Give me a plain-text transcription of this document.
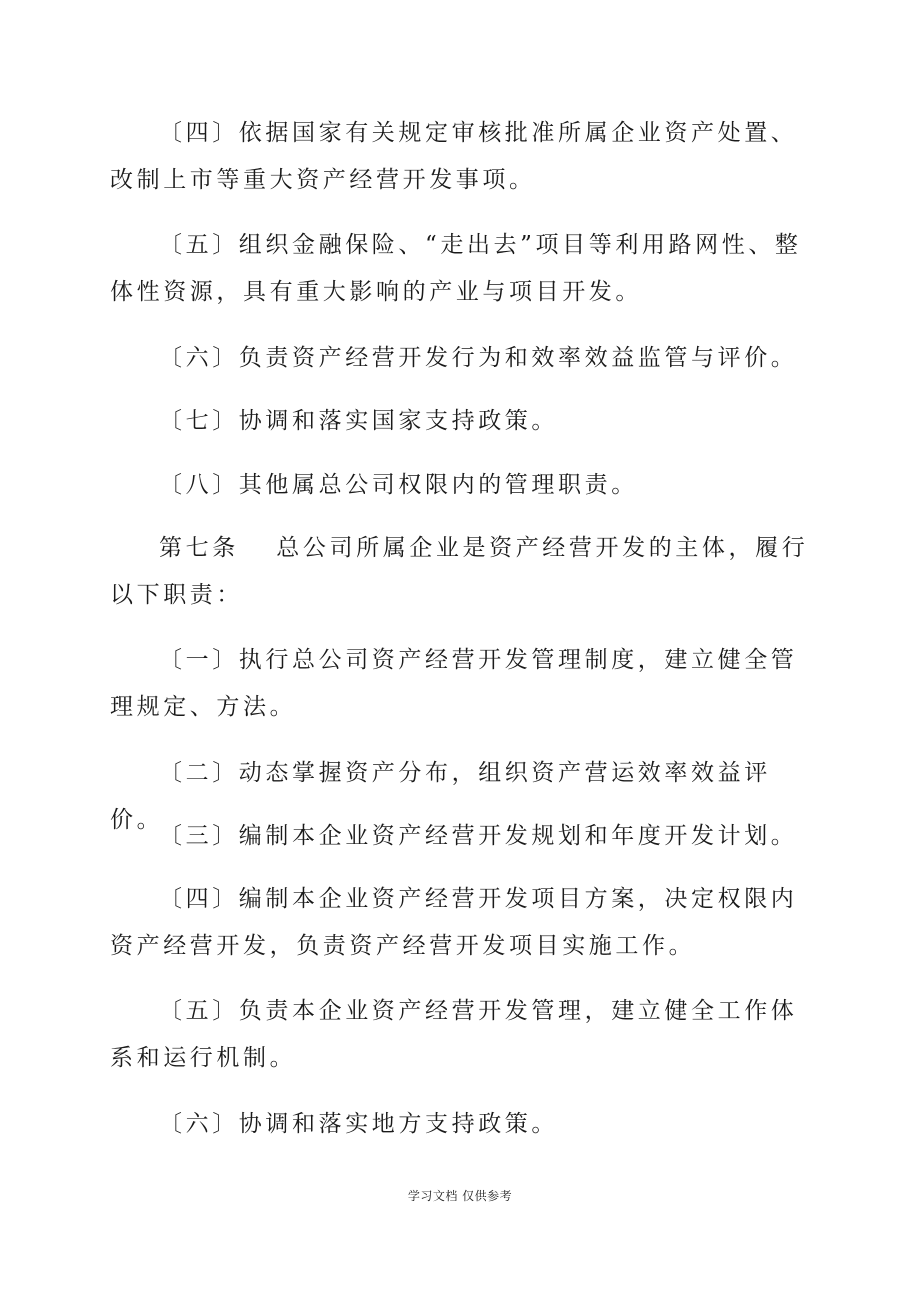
〔四〕依据国家有关规定审核批准所属企业资产处置、改制上市等重大资产经营开发事项。

〔五〕组织金融保险、“走出去”项目等利用路网性、整体性资源，具有重大影响的产业与项目开发。

〔六〕负责资产经营开发行为和效率效益监管与评价。

〔七〕协调和落实国家支持政策。

〔八〕其他属总公司权限内的管理职责。

第七条　 总公司所属企业是资产经营开发的主体，履行以下职责：

〔一〕执行总公司资产经营开发管理制度，建立健全管理规定、方法。

〔二〕动态掌握资产分布，组织资产营运效率效益评价。

〔三〕编制本企业资产经营开发规划和年度开发计划。

〔四〕编制本企业资产经营开发项目方案，决定权限内资产经营开发，负责资产经营开发项目实施工作。

〔五〕负责本企业资产经营开发管理，建立健全工作体系和运行机制。

〔六〕协调和落实地方支持政策。

学习文档 仅供参考
